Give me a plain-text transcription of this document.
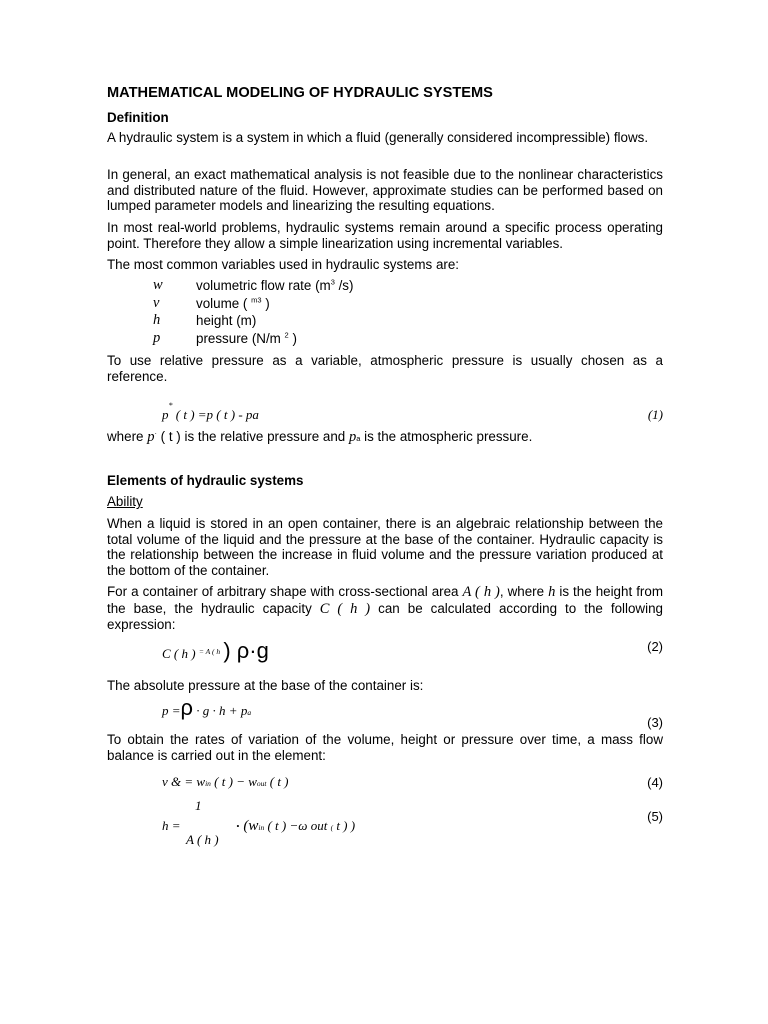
MATHEMATICAL MODELING OF HYDRAULIC SYSTEMS
Definition
A hydraulic system is a system in which a fluid (generally considered incompressible) flows.
In general, an exact mathematical analysis is not feasible due to the nonlinear characteristics and distributed nature of the fluid. However, approximate studies can be performed based on lumped parameter models and linearizing the resulting equations.
In most real-world problems, hydraulic systems remain around a specific process operating point. Therefore they allow a simple linearization using incremental variables.
The most common variables used in hydraulic systems are:
w volumetric flow rate ($m^3$ /s)
v	volume ( $^{m3}$ )
h	height (m)
p	pressure (N/m $^2$ )
To use relative pressure as a variable, atmospheric pressure is usually chosen as a reference.
p* ( t ) =p ( t ) - pa	(1)
where p· ( t ) is the relative pressure and pa is the atmospheric pressure.
Elements of hydraulic systems
Ability
When a liquid is stored in an open container, there is an algebraic relationship between the total volume of the liquid and the pressure at the base of the container. Hydraulic capacity is the relationship between the increase in fluid volume and the pressure variation produced at the bottom of the container.
For a container of arbitrary shape with cross-sectional area A ( h ), where h is the height from the base, the hydraulic capacity C ( h ) can be calculated according to the following expression:
C ( h ) $^{= A ( h}$ ) ρ·g	(2)
The absolute pressure at the base of the container is:
p =ρ · g · h + pa
(3)
To obtain the rates of variation of the volume, height or pressure over time, a mass flow balance is carried out in the element:
v & = win ( t ) − wout ( t )	(4)
1
h =	· (win ( t ) −ω out ( t ) )
A ( h )
(5)
